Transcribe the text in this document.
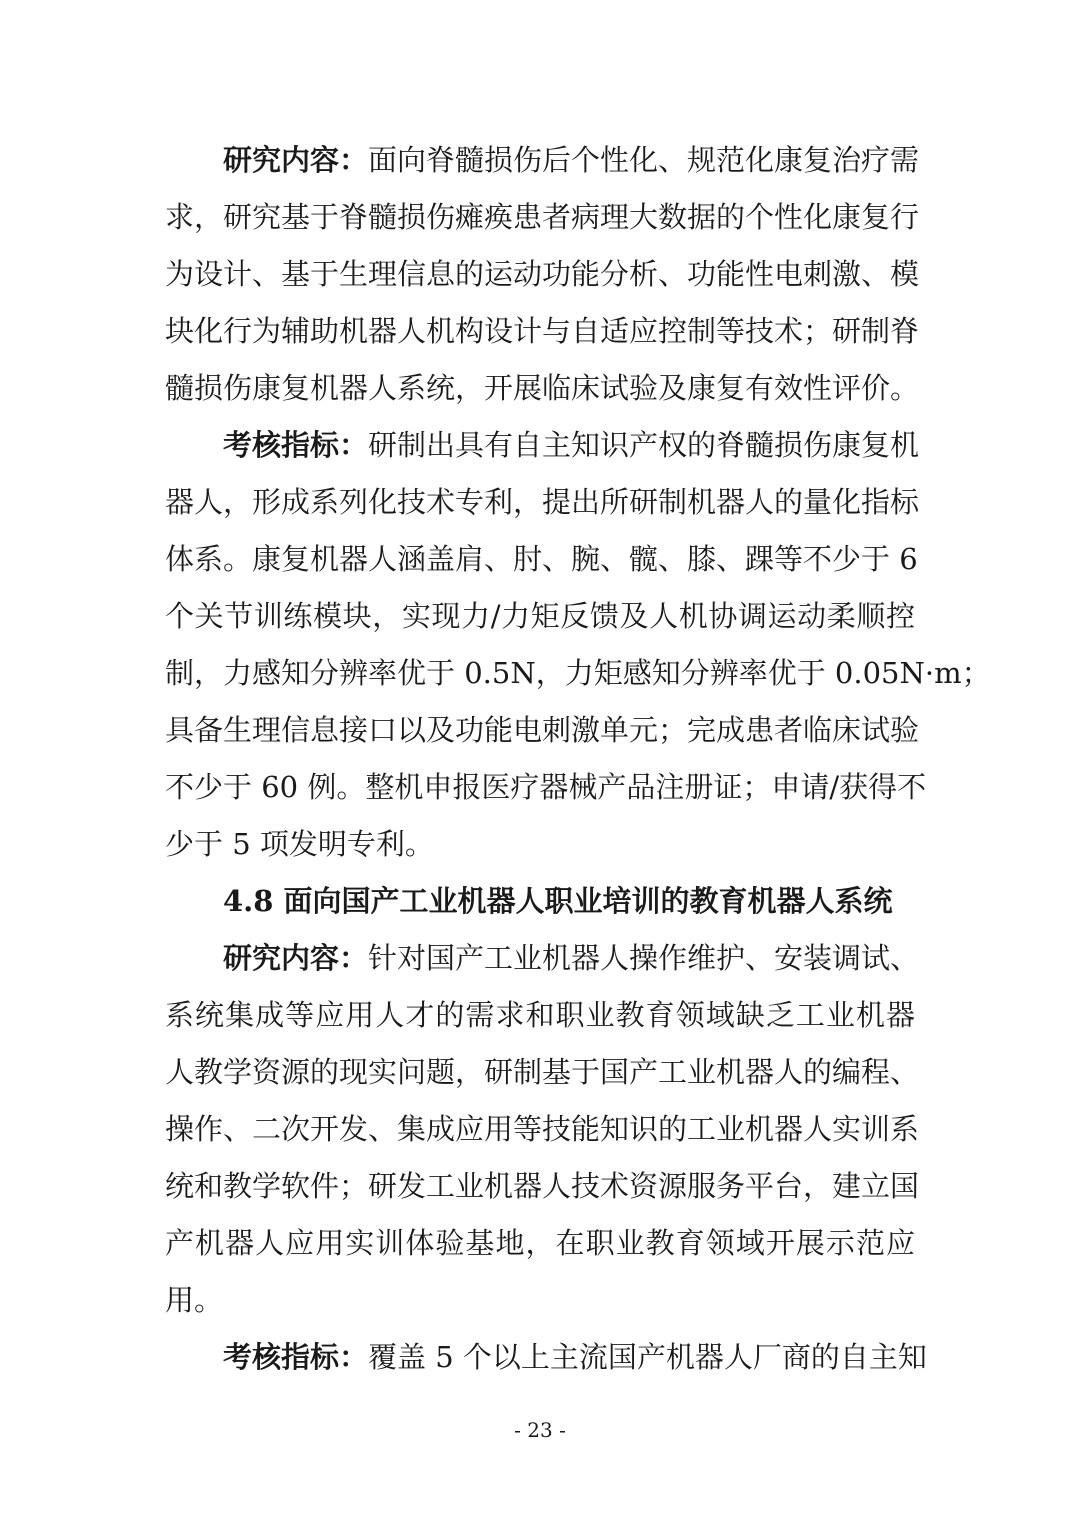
研究内容：面向脊髓损伤后个性化、规范化康复治疗需
求，研究基于脊髓损伤瘫痪患者病理大数据的个性化康复行
为设计、基于生理信息的运动功能分析、功能性电刺激、模
块化行为辅助机器人机构设计与自适应控制等技术；研制脊
髓损伤康复机器人系统，开展临床试验及康复有效性评价。
考核指标：研制出具有自主知识产权的脊髓损伤康复机
器人，形成系列化技术专利，提出所研制机器人的量化指标
体系。康复机器人涵盖肩、肘、腕、髋、膝、踝等不少于 6
个关节训练模块，实现力/力矩反馈及人机协调运动柔顺控
制，力感知分辨率优于 0.5N，力矩感知分辨率优于 0.05N·m；
具备生理信息接口以及功能电刺激单元；完成患者临床试验
不少于 60 例。整机申报医疗器械产品注册证；申请/获得不
少于 5 项发明专利。
4.8 面向国产工业机器人职业培训的教育机器人系统
研究内容：针对国产工业机器人操作维护、安装调试、
系统集成等应用人才的需求和职业教育领域缺乏工业机器
人教学资源的现实问题，研制基于国产工业机器人的编程、
操作、二次开发、集成应用等技能知识的工业机器人实训系
统和教学软件；研发工业机器人技术资源服务平台，建立国
产机器人应用实训体验基地，在职业教育领域开展示范应
用。
考核指标：覆盖 5 个以上主流国产机器人厂商的自主知
- 23 -
